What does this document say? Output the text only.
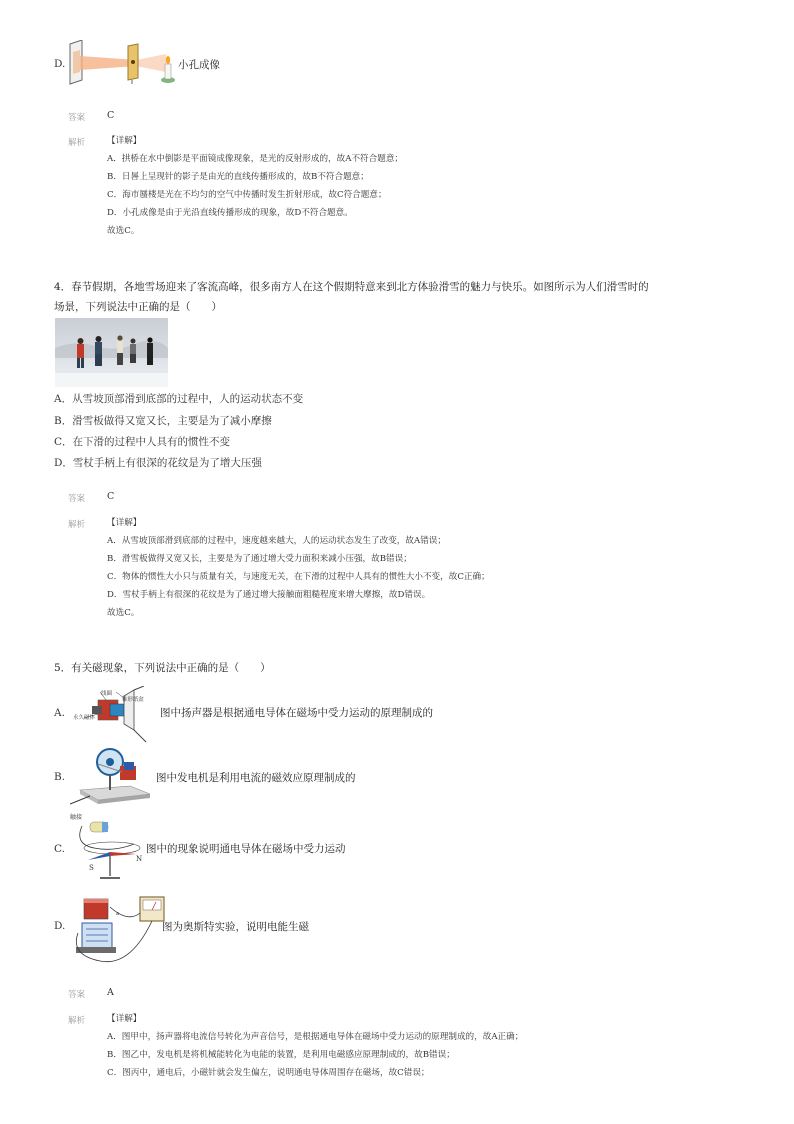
D.	小孔成像
答案 C
解析	【详解】
A．拱桥在水中倒影是平面镜成像现象，是光的反射形成的，故A不符合题意；
B．日晷上呈现针的影子是由光的直线传播形成的，故B不符合题意；
C．海市蜃楼是光在不均匀的空气中传播时发生折射形成，故C符合题意；
D．小孔成像是由于光沿直线传播形成的现象，故D不符合题意。
故选C。
4．春节假期，各地雪场迎来了客流高峰，很多南方人在这个假期特意来到北方体验滑雪的魅力与快乐。如图所示为人们滑雪时的
场景，下列说法中正确的是（　　）
A．从雪坡顶部滑到底部的过程中，人的运动状态不变
B．滑雪板做得又宽又长，主要是为了减小摩擦
C．在下滑的过程中人具有的惯性不变
D．雪杖手柄上有很深的花纹是为了增大压强
答案 C
解析	【详解】
A．从雪坡顶部滑到底部的过程中，速度越来越大，人的运动状态发生了改变，故A错误；
B．滑雪板做得又宽又长，主要是为了通过增大受力面积来减小压强，故B错误；
C．物体的惯性大小只与质量有关，与速度无关，在下滑的过程中人具有的惯性大小不变，故C正确；
D．雪杖手柄上有很深的花纹是为了通过增大接触面粗糙程度来增大摩擦，故D错误。
故选C。
5．有关磁现象，下列说法中正确的是（　　）
A.
线圈
锥形纸盆
永久磁体	图中扬声器是根据通电导体在磁场中受力运动的原理制成的
B.	图中发电机是利用电流的磁效应原理制成的
触接
C.
S
N
图中的现象说明通电导体在磁场中受力运动
D.
a
图为奥斯特实验，说明电能生磁
答案 A
解析	【详解】
A．图甲中，扬声器将电流信号转化为声音信号，是根据通电导体在磁场中受力运动的原理制成的，故A正确；
B．图乙中，发电机是将机械能转化为电能的装置，是利用电磁感应原理制成的，故B错误；
C．图丙中，通电后，小磁针就会发生偏左，说明通电导体周围存在磁场，故C错误；
